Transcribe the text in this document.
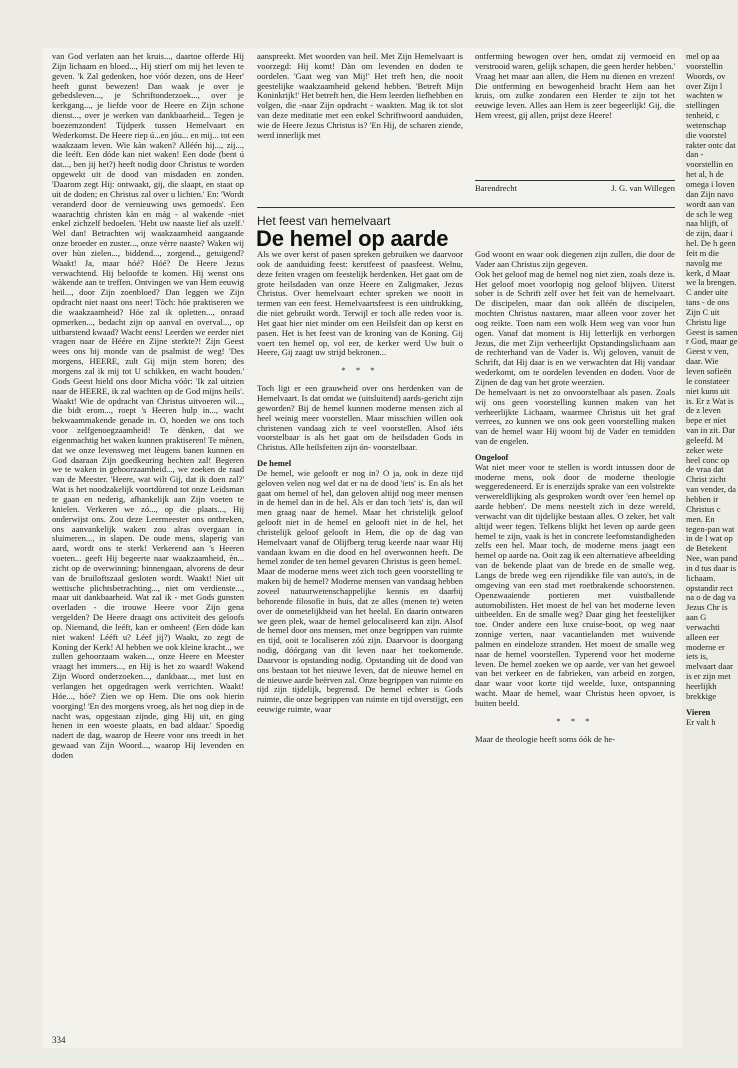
van God verlaten aan het kruis..., daartoe offerde Hij Zijn lichaam en bloed..., Hij stierf om mij het leven te geven. 'k Zal gedenken, hoe vóór dezen, ons de Heer' heeft gunst bewezen! Dan waak je over je gebedsleven..., je Schriftonderzoek..., over je kerkgang..., je liefde voor de Heere en Zijn schone dienst..., over je werken van dankbaarheid... Tegen je boezemzonden! Tijdperk tussen Hemelvaart en Wederkomst. De Heere riep ú...en jóu... en mij... tot een waakzaam leven. Wie kàn waken? Alléén hij..., zij..., die leéft. Een dóde kan niet waken! Een dode (bent ú dat..., ben jij het?) heeft nodig door Christus te worden opgewekt uit de dood van misdaden en zonden. 'Daarom zegt Hij: ontwaakt, gij, die slaapt, en staat op uit de doden; en Christus zal over u lichten.' En: 'Wordt veranderd door de vernieuwing uws gemoeds'. Een waarachtig christen kàn en mág - al wakende -niet enkel zichzelf bedoelen. 'Hebt uw naaste lief als uzelf.' Wel dan! Betrachten wij waakzaamheid aangaande onze broeder en zuster..., onze vèrre naaste? Waken wij over hùn zielen..., biddend..., zorgend.., getuigend? Waakt! Ja, maar hóé? Hóé? De Heere Jezus verwachtend. Hij beloofde te komen. Hij wenst ons wàkende aan te treffen. Ontvingen we van Hem eeuwig heil..., door Zijn zoenbloed? Dan leggen we Zijn opdracht niet naast ons neer! Tòch: hóe praktiseren we die waakzaamheid? Hóe zal ik opletten..., onraad opmerken..., bedacht zijn op aanval en overval..., op uitbarstend kwaad? Wacht eens! Leerden we eerder niet vragen naar de Héére en Zijne sterkte?! Zijn Geest wees ons bij monde van de psalmist de weg! 'Des morgens, HEERE, zult Gij mijn stem horen; des morgens zal ik mij tot U schikken, en wacht houden.' Gods Geest hield ons door Micha vóór: 'Ik zal uitzien naar de HEERE, ik zal wachten op de God mijns heils'. Waakt! Wie de opdracht van Christus uitvoeren wil..., die bidt erom..., roept 's Heeren hulp in..., wacht bekwaammakende genade in. O, hoeden we ons toch voor zelfgenoegzaamheid! Te dènken, dat we eigenmachtig het waken kunnen praktiseren! Te mènen, dat we onze levensweg met lèugens banen kunnen en God daaraan Zijn goedkeuring hechten zal! Begeren we te waken in gehoorzaamheid..., we zoeken de raad van de Meester. 'Heere, wat wilt Gij, dat ik doen zal?' Wat is het noodzakelijk voortdùrend tot onze Leidsman te gaan en nederig, afhankelijk aan Zijn voeten te knielen. Verkeren we zó..., op die plaats..., Hij onderwijst ons. Zou deze Leermeester ons ontbreken, ons aanvankelijk waken zou alras overgaan in sluimeren..., in slapen. De oude mens, slaperig van aard, wordt ons te sterk! Verkerend aan 's Heeren voeten... geeft Hij begeerte naar waakzaamheid, èn... zicht op de overwinning: binnengaan, alvorens de deur van de bruiloftszaal gesloten wordt. Waakt! Niet uit wettische plichtsbetrachting..., niet om verdienste..., maar uit dankbaarheid. Wat zal ik - met Gods gunsten overladen - die trouwe Heere voor Zijn gena vergelden? De Heere draagt ons activiteit des geloofs op. Niemand, die leéft, kan er omheen! (Een dóde kan niet waken! Lééft u? Léef jij?) Waakt, zo zegt de Koning der Kerk! Al hebben we ook kleine kracht.., we zullen gehoorzaam waken..., onze Heere en Meester vraagt het immers..., en Hij is het zo waard! Wakend Zijn Woord onderzoeken..., dankbaar..., met lust en verlangen het opgedragen werk verrichten. Waakt! Hóe..., hóe? Zien we op Hem. Die ons ook hierin voorging! 'En des morgens vroeg, als het nog diep in de nacht was, opgestaan zijnde, ging Hij uit, en ging henen in een woeste plaats, en bad aldaar.' Spoedig nadert de dag, waarop de Heere voor ons treedt in het gewaad van Zijn Woord..., waarop Hij levenden en doden

aanspreekt. Met woorden van heil. Met Zijn Hemelvaart is voorzegd: Hij komt! Dàn om levenden en doden te oordelen. 'Gaat weg van Mij!' Het treft hen, die nooit geestelijke waakzaamheid gekend hebben. 'Betreft Mijn Koninkrijk!' Het betreft hen, die Hem leerden liefhebben en volgen, die -naar Zijn opdracht - waakten. Mag ik tot slot van deze meditatie met een enkel Schriftwoord aanduiden, wie de Heere Jezus Christus is? 'En Hij, de scharen ziende, werd innerlijk met

ontferming bewogen over hen, omdat zij vermoeid en verstrooid waren, gelijk schapen, die geen herder hebben.' Vraag het maar aan allen, die Hem nu dienen en vrezen! Die ontferming en bewogenheid bracht Hem aan het kruis, om zulke zondaren een Herder te zijn tot het eeuwige leven. Alles aan Hem is zeer begeerlijk! Gij, die Hem vreest, gij allen, prijst deze Heere!

Barendrecht	J. G. van Willegen
Het feest van hemelvaart
De hemel op aarde

Als we over kerst of pasen spreken gebruiken we daarvoor ook de aanduiding feest: kerstfeest of paasfeest. Welnu, deze feiten vragen om feestelijk herdenken. Het gaat om de grote heilsdaden van onze Heere en Zaligmaker, Jezus Christus. Over hemelvaart echter spreken we nooit in termen van een feest. Hemelvaartsfeest is een uitdrukking, die niet gebruikt wordt. Terwijl er toch alle reden voor is. Het gaat hier niet minder om een Heilsfeit dan op kerst en pasen. Het is het feest van de kroning van de Koning. Gij voert ten hemel op, vol eer, de kerker werd Uw buit o Heere, Gij zaagt uw strijd bekronen...

* * *

Toch ligt er een grauwheid over ons herdenken van de Hemelvaart. Is dat omdat we (uitsluitend) aards-gericht zijn geworden? Bij de hemel kunnen moderne mensen zich al heel weinig meer voorstellen. Maar misschien willen ook christenen vandaag zich te veel voorstellen. Alsof iéts voorstelbaar is als het gaat om de heilsdaden Gods in Christus. Alle heilsfeiten zijn ón- voorstelbaar.

De hemel

De hemel, wie gelooft er nog in? O ja, ook in deze tijd geloven velen nog wel dat er na de dood 'iets' is. En als het gaat om hemel of hel, dan geloven altijd nog meer mensen in de hemel dan in de hel. Als er dan toch 'iets' is, dan wil men graag naar de hemel. Maar het christelijk geloof gelooft niet in de hemel en gelooft niet in de hel, het christelijk geloof gelooft in Hem, die op de dag van Hemelvaart vanaf de Olijfberg terug keerde naar waar Hij vandaan kwam en die dood en hel overwonnen heeft. De hemel zonder de ten hemel gevaren Christus is geen hemel.

Maar de moderne mens weet zich toch geen voorstelling te maken bij de hemel? Moderne mensen van vandaag hebben zoveel natuurwetenschappelijke kennis en daarbij behorende filosofie in huis, dat ze alles (menen te) weten over de onmetelijkheid van het heelal. En daarin ontwaren we geen plek, waar de hemel gelocaliseerd kan zijn. Alsof de hemel door ons mensen, met onze begrippen van ruimte en tijd, ooit te localiseren zóú zijn. Daarvoor is doorgang nodig, dóórgang van dit leven naar het toekomende. Daarvoor is opstanding nodig. Opstanding uit de dood van ons bestaan tot het nieuwe leven, dat de nieuwe hemel en de nieuwe aarde beërven zal. Onze begrippen van ruimte en tijd zijn tijdelijk, begrensd. De hemel echter is Gods ruimte, die onze begrippen van ruimte en tijd overstijgt, een eeuwige ruimte, waar

God woont en waar ook diegenen zijn zullen, die door de Vader aan Christus zijn gegeven.

Ook het geloof mag de hemel nog niet zien, zoals deze is. Het geloof moet voorlopig nog geloof blijven. Uiterst sober is de Schrift zelf over het feit van de hemelvaart. De discipelen, maar dan ook alléén de discipelen, mochten Christus nastaren, maar alleen voor zover het oog reikte. Toen nam een wolk Hem weg van voor hun ogen. Vanaf dat moment is Hij letterlijk en verborgen Jezus, die met Zijn verheerlijkt Opstandingslichaam aan de rechterhand van de Vader is. Wij geloven, vanuit de Schrift, dat Hij daar is en we verwachten dat Hij vandaar wederkomt, om te oordelen levenden en doden. Voor de Zijnen de dag van het grote weerzien.

De hemelvaart is net zo onvoorstelbaar als pasen. Zoals wij ons geen voorstelling kunnen maken van het verheerlijkte Lichaam, waarmee Christus uit het graf verrees, zo kunnen we ons ook geen voorstelling maken van de hemel waar Hij woont bij de Vader en temidden van de engelen.

Ongeloof

Wat niet meer voor te stellen is wordt intussen door de moderne mens, ook door de moderne theologie weggeredeneerd. Er is enerzijds sprake van een volstrekte verwereldlijking als gesproken wordt over 'een hemel op aarde hebben'. De mens neestelt zich in deze wereld, verwacht van dit tijdelijke bestaan alles. O zeker, het valt altijd weer tegen. Telkens blijkt het leven op aarde geen hemel te zijn, vaak is het in concrete leefomstandigheden zelfs een hel. Maar toch, de moderne mens jaagt een hemel op aarde na. Ooit zag ik een alternatieve afbeelding van de bekende plaat van de brede en de smalle weg. Langs de brede weg een rijendikke file van auto's, in de omgeving van een stad met roetbrakende schoorstenen. Openzwaaiende portieren met vuistballende automobilisten. Het moest de hel van het moderne leven uitbeelden. En de smalle weg? Daar ging het feestelijker toe. Onder andere een luxe cruise-boot, op weg naar zonnige verten, naar vacantielanden met wuivende palmen en eindeloze stranden. Het moest de smalle weg naar de hemel voorstellen. Typerend voor het moderne leven. De hemel zoeken we op aarde, ver van het gewoel van het verkeer en de fabrieken, van arbeid en zorgen, daar waar voor korte tijd weelde, luxe, ontspanning wacht. Maar de hemel, waar Christus heen opvoer, is buiten beeld.

* * *

Maar de theologie heeft soms óók de he-

mel op aa voorstellin Woords, ov over Zijn l wachten w stellingen tenheid, c wetenschap die voorstel rakter ontc dat dan - voorstellin en het al, h de omega i loven dan Zijn navo wordt aan van de sch le weg naa blijft, of de zijn, daar i hel. De h geen feit m die navolg me kerk, d Maar we la brengen. C ander uite tans - de ons Zijn C uit Christu lige Geest is samen r God, maar ge Geest v ven, daar. Wie leven sofieën le constateer niet kunn uit is. Er z Wat is de z leven bepe er niet van in zit. Dar geleefd. M zeker wete heel conc op de vraa dat Christ zicht van vender, da hebben ir Christus c men. En tegen-pan wat in de l wat op de Betekent Nee, wan pand in d tus daar is lichaam. opstandir rect na o de dag va Jezus Chr is aan G verwachti alleen eer moderne er iets is, melvaart daar is er zijn met heerlijkh brekkige

Vieren

Er valt h

334
